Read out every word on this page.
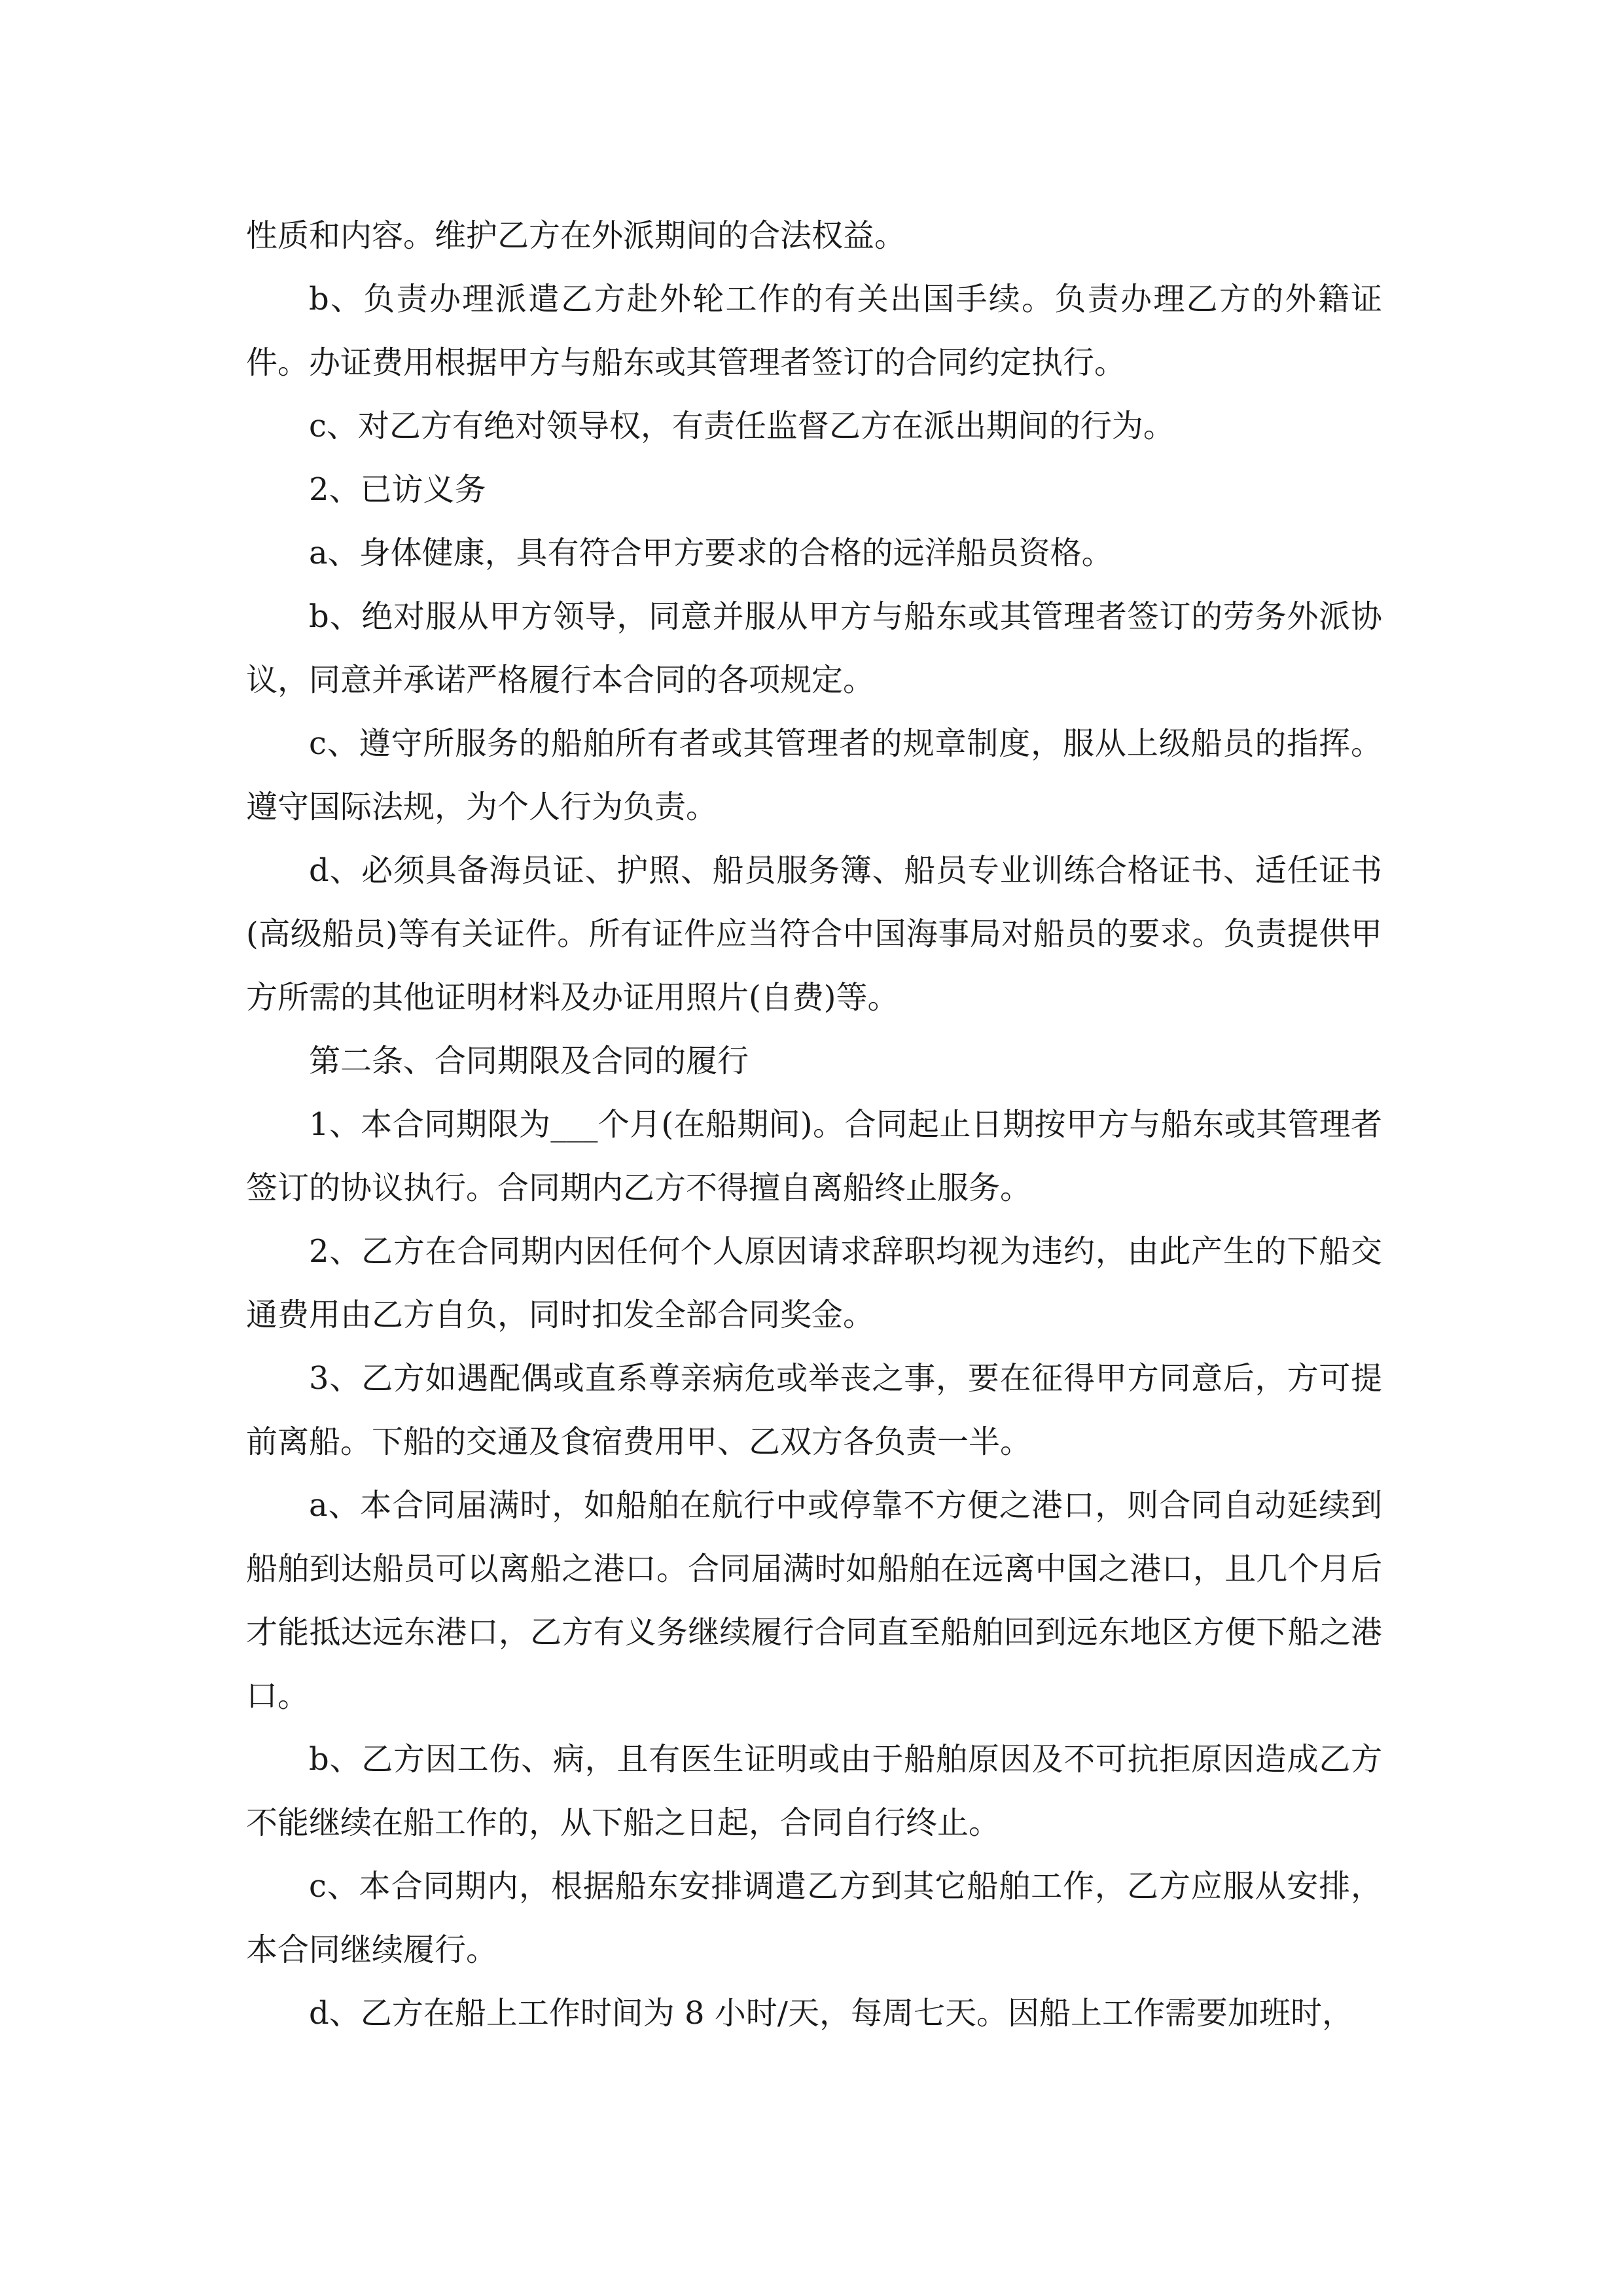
性质和内容。维护乙方在外派期间的合法权益。

b、负责办理派遣乙方赴外轮工作的有关出国手续。负责办理乙方的外籍证件。办证费用根据甲方与船东或其管理者签订的合同约定执行。

c、对乙方有绝对领导权，有责任监督乙方在派出期间的行为。

2、已访义务

a、身体健康，具有符合甲方要求的合格的远洋船员资格。

b、绝对服从甲方领导，同意并服从甲方与船东或其管理者签订的劳务外派协议，同意并承诺严格履行本合同的各项规定。

c、遵守所服务的船舶所有者或其管理者的规章制度，服从上级船员的指挥。遵守国际法规，为个人行为负责。

d、必须具备海员证、护照、船员服务簿、船员专业训练合格证书、适任证书(高级船员)等有关证件。所有证件应当符合中国海事局对船员的要求。负责提供甲方所需的其他证明材料及办证用照片(自费)等。

第二条、合同期限及合同的履行

1、本合同期限为___个月(在船期间)。合同起止日期按甲方与船东或其管理者签订的协议执行。合同期内乙方不得擅自离船终止服务。

2、乙方在合同期内因任何个人原因请求辞职均视为违约，由此产生的下船交通费用由乙方自负，同时扣发全部合同奖金。

3、乙方如遇配偶或直系尊亲病危或举丧之事，要在征得甲方同意后，方可提前离船。下船的交通及食宿费用甲、乙双方各负责一半。

a、本合同届满时，如船舶在航行中或停靠不方便之港口，则合同自动延续到船舶到达船员可以离船之港口。合同届满时如船舶在远离中国之港口，且几个月后才能抵达远东港口，乙方有义务继续履行合同直至船舶回到远东地区方便下船之港口。

b、乙方因工伤、病，且有医生证明或由于船舶原因及不可抗拒原因造成乙方不能继续在船工作的，从下船之日起，合同自行终止。

c、本合同期内，根据船东安排调遣乙方到其它船舶工作，乙方应服从安排，本合同继续履行。

d、乙方在船上工作时间为 8 小时/天，每周七天。因船上工作需要加班时，
